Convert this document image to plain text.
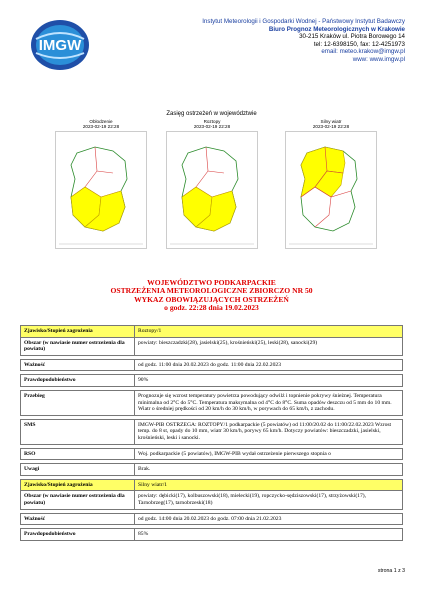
IMGW
Instytut Meteorologii i Gospodarki Wodnej - Państwowy Instytut Badawczy
Biuro Prognoz Meteorologicznych w Krakowie
30-215 Kraków ul. Piotra Borowego 14
tel: 12-6398150, fax: 12-4251973
email: meteo.krakow@imgw.pl
www: www.imgw.pl
Zasięg ostrzeżeń w województwie
Oblodzenie
2023-02-19 22:28
Roztopy
2023-02-19 22:28
Silny wiatr
2023-02-19 22:28
WOJEWÓDZTWO PODKARPACKIE
OSTRZEŻENIA METEOROLOGICZNE ZBIORCZO NR 50
WYKAZ OBOWIĄZUJĄCYCH OSTRZEŻEŃ
o godz. 22:28 dnia 19.02.2023
Zjawisko/Stopień zagrożenia	Roztopy/1
Obszar (w nawiasie numer ostrzeżenia dla powiatu)	powiaty: bieszczadzki(28), jasielski(25), krośnieński(25), leski(28), sanocki(29)

Ważność	od godz. 11:00 dnia 20.02.2023 do godz. 11:00 dnia 22.02.2023

Prawdopodobieństwo	90%

Przebieg	Prognozuje się wzrost temperatury powietrza powodujący odwilż i topnienie pokrywy śnieżnej. Temperatura minimalna od 2°C do 5°C. Temperatura maksymalna od 4°C do 8°C. Suma opadów deszczu od 5 mm do 10 mm. Wiatr o średniej prędkości od 20 km/h do 30 km/h, w porywach do 65 km/h, z zachodu.

SMS	IMGW-PIB OSTRZEGA: ROZTOPY/1 podkarpackie (5 powiatów) od 11:00/20.02 do 11:00/22.02.2023 Wzrost temp. do 8 st, opady do 10 mm, wiatr 30 km/h, porywy 65 km/h. Dotyczy powiatów: bieszczadzki, jasielski, krośnieński, leski i sanocki.

RSO	Woj. podkarpackie (5 powiatów), IMGW-PIB wydał ostrzeżenie pierwszego stopnia o

Uwagi	Brak.

Zjawisko/Stopień zagrożenia	Silny wiatr/1
Obszar (w nawiasie numer ostrzeżenia dla powiatu)	powiaty: dębicki(17), kolbuszowski(18), mielecki(19), ropczycko-sędziszowski(17), strzyżowski(17), Tarnobrzeg(17), tarnobrzeski(18)

Ważność	od godz. 14:00 dnia 20.02.2023 do godz. 07:00 dnia 21.02.2023

Prawdopodobieństwo	85%
strona 1 z 3
